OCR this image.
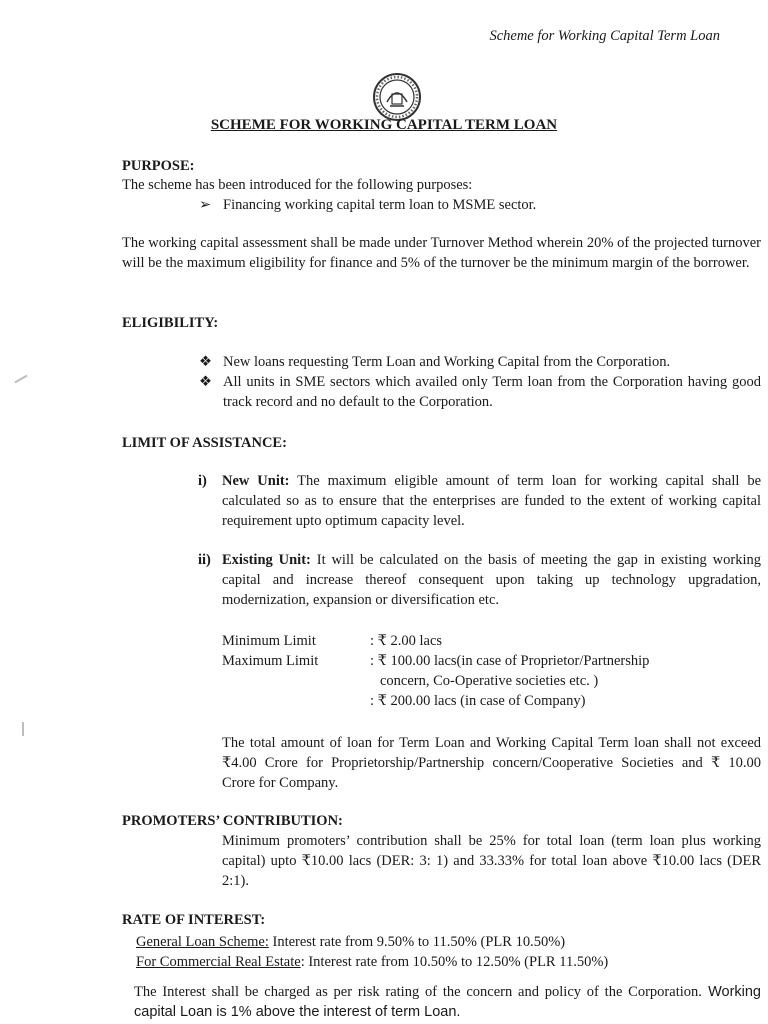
Scheme for Working Capital Term Loan
SCHEME FOR WORKING CAPITAL TERM LOAN
PURPOSE:
The scheme has been introduced for the following purposes:
➢ Financing working capital term loan to MSME sector.
The working capital assessment shall be made under Turnover Method wherein 20% of the projected turnover will be the maximum eligibility for finance and 5% of the turnover be the minimum margin of the borrower.
ELIGIBILITY:
❖ New loans requesting Term Loan and Working Capital from the Corporation.
❖ All units in SME sectors which availed only Term loan from the Corporation having good track record and no default to the Corporation.
LIMIT OF ASSISTANCE:
i) New Unit: The maximum eligible amount of term loan for working capital shall be calculated so as to ensure that the enterprises are funded to the extent of working capital requirement upto optimum capacity level.
ii) Existing Unit: It will be calculated on the basis of meeting the gap in existing working capital and increase thereof consequent upon taking up technology upgradation, modernization, expansion or diversification etc.
Minimum Limit	: ₹ 2.00 lacs
Maximum Limit	: ₹ 100.00 lacs(in case of Proprietor/Partnership
concern, Co-Operative societies etc. )
: ₹ 200.00 lacs (in case of Company)
The total amount of loan for Term Loan and Working Capital Term loan shall not exceed ₹4.00 Crore for Proprietorship/Partnership concern/Cooperative Societies and ₹ 10.00 Crore for Company.
PROMOTERS’ CONTRIBUTION:
Minimum promoters’ contribution shall be 25% for total loan (term loan plus working capital) upto ₹10.00 lacs (DER: 3: 1) and 33.33% for total loan above ₹10.00 lacs (DER 2:1).
RATE OF INTEREST:
General Loan Scheme: Interest rate from 9.50% to 11.50% (PLR 10.50%)
For Commercial Real Estate: Interest rate from 10.50% to 12.50% (PLR 11.50%)
The Interest shall be charged as per risk rating of the concern and policy of the Corporation. Working capital Loan is 1% above the interest of term Loan.
